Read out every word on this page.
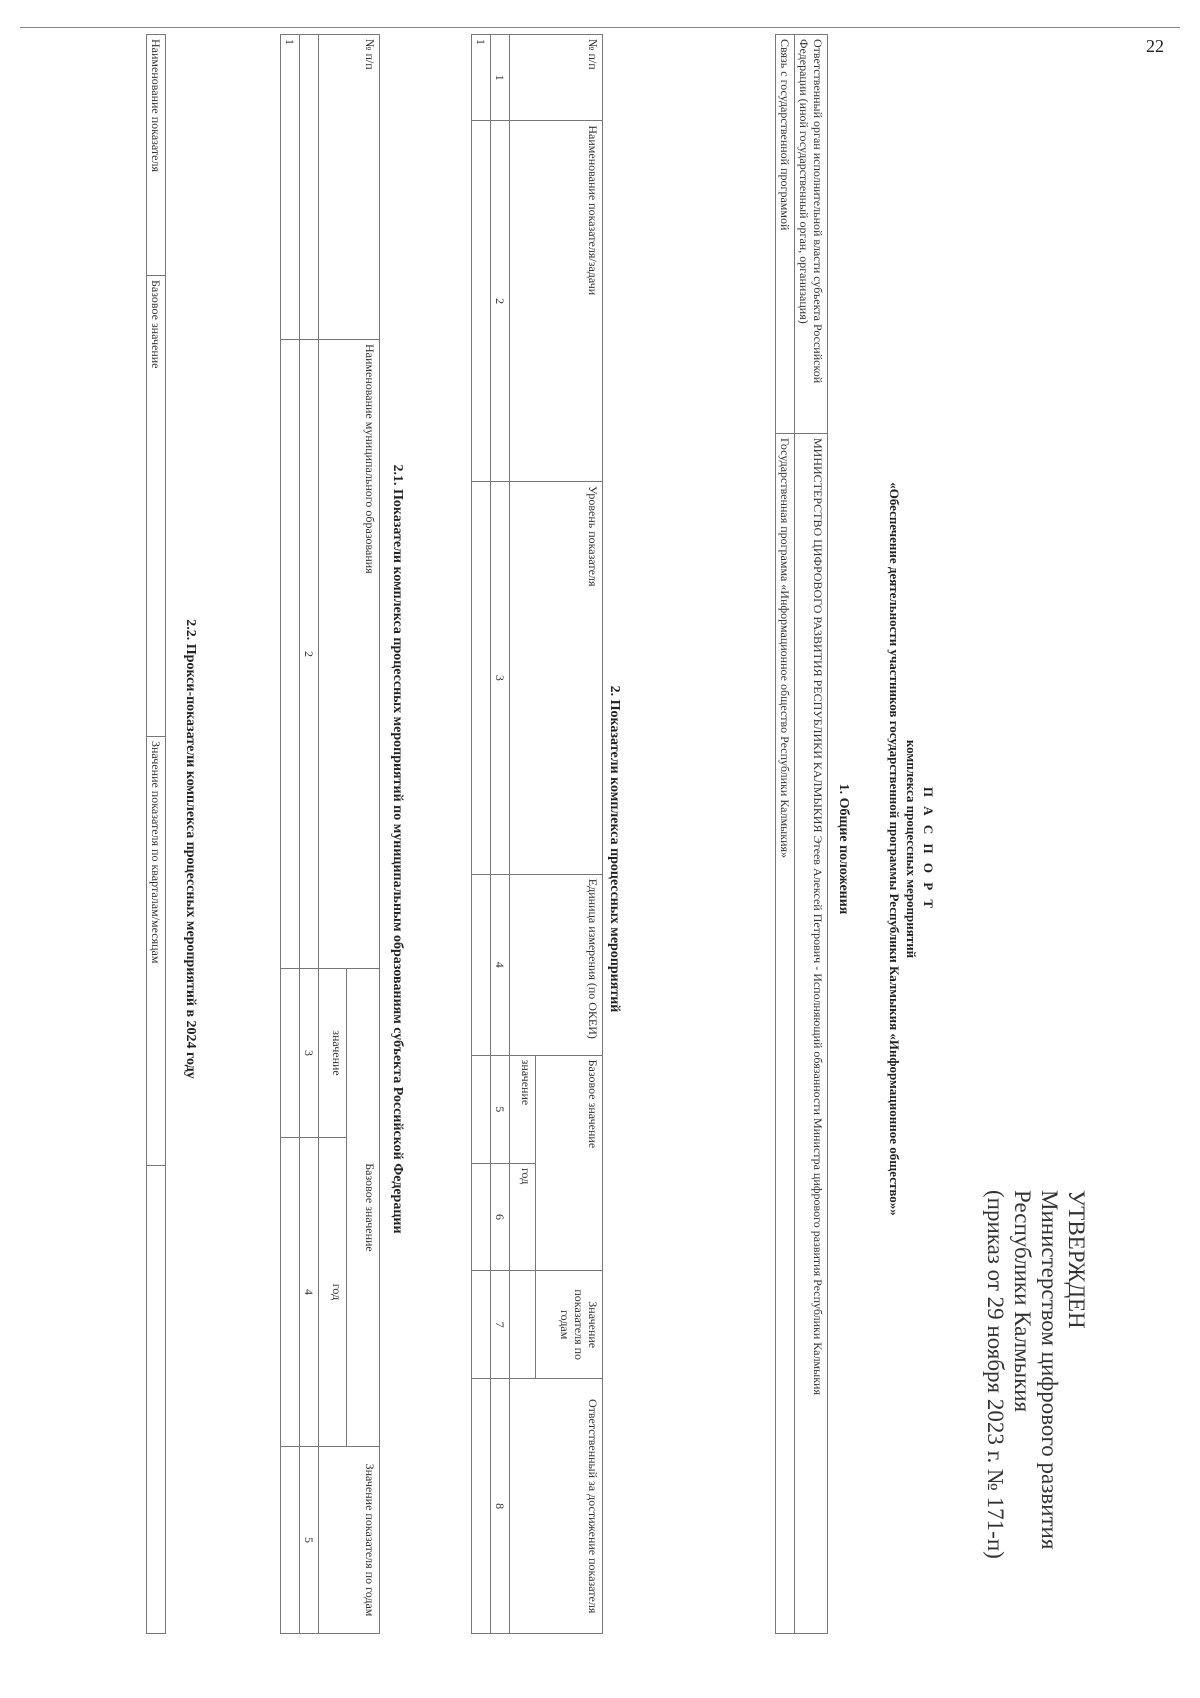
22
УТВЕРЖДЕН
Министерством цифрового развития
Республики Калмыкия
(приказ от 29 ноября 2023 г. № 171-п)
П А С П О Р Т
комплекса процессных мероприятий
«Обеспечение деятельности участников государственной программы Республики Калмыкия «Информационное общество»»
1. Общие положения
Ответственный орган исполнительной власти субъекта Российской Федерации (иной государственный орган, организация)	МИНИСТЕРСТВО ЦИФРОВОГО РАЗВИТИЯ РЕСПУБЛИКИ КАЛМЫКИЯ Этеев Алексей Петрович - Исполняющий обязанности Министра цифрового развития Республики Калмыкия
Связь с государственной программой	Государственная программа «Информационное общество Республики Калмыкия»
2. Показатели комплекса процессных мероприятий
№ п/п	Наименование показателя/задачи	Уровень показателя	Единица измерения (по ОКЕИ)	Базовое значение		Значение показателя по годам	Ответственный за достижение показателя
				значение	год		
1	2	3	4	5	6	7	8
1							
2.1. Показатели комплекса процессных мероприятий по муниципальным образованиям субъекта Российской Федерации
№ п/п	Наименование муниципального образования	Базовое значение		Значение показателя по годам
		значение	год	
	2	3	4	5
1				
2.2. Прокси-показатели комплекса процессных мероприятий в 2024 году
Наименование показателя	Базовое значение	Значение показателя по кварталам/месяцам	
